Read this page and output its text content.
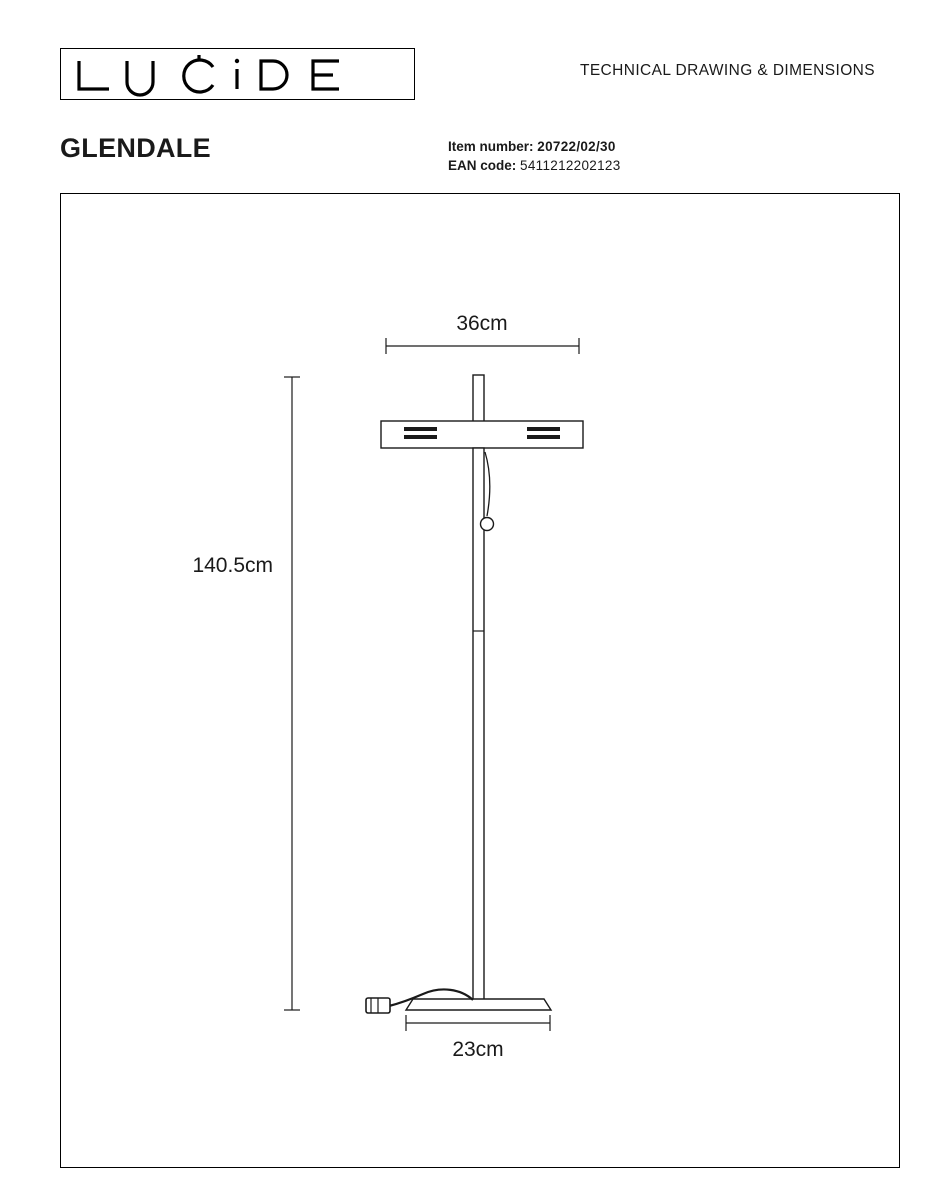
TECHNICAL DRAWING & DIMENSIONS
GLENDALE	Item number: 20722/02/30
EAN code: 5411212202123
36cm
140.5cm
23cm
